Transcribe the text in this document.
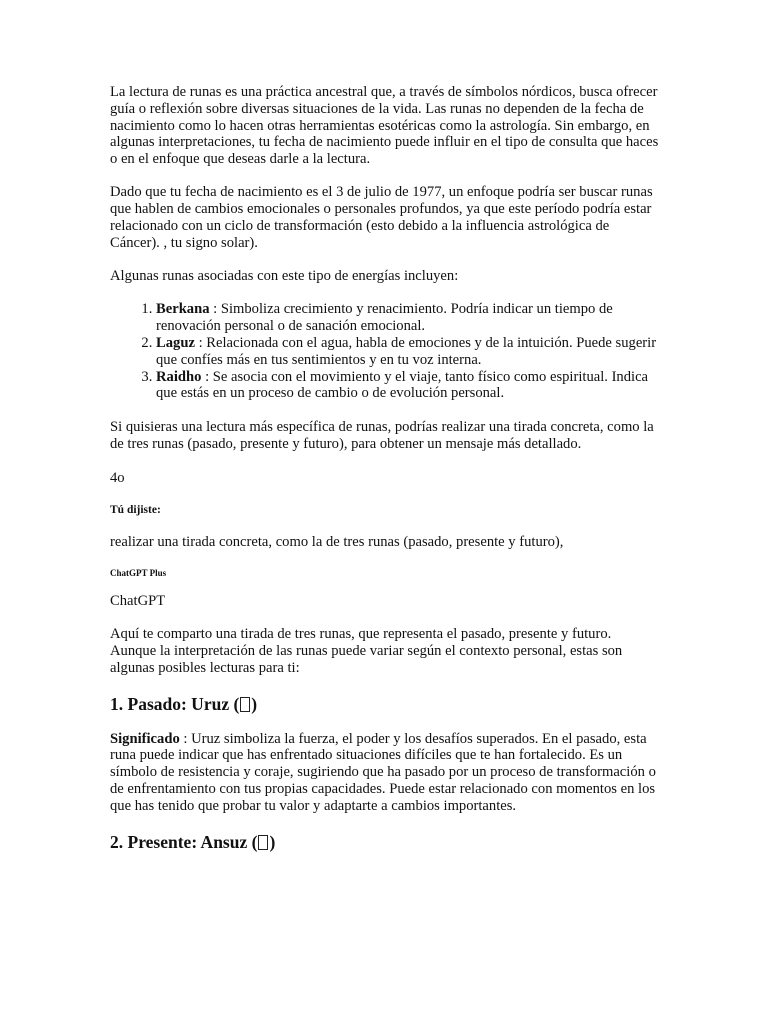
La lectura de runas es una práctica ancestral que, a través de símbolos nórdicos, busca ofrecer guía o reflexión sobre diversas situaciones de la vida. Las runas no dependen de la fecha de nacimiento como lo hacen otras herramientas esotéricas como la astrología. Sin embargo, en algunas interpretaciones, tu fecha de nacimiento puede influir en el tipo de consulta que haces o en el enfoque que deseas darle a la lectura.

Dado que tu fecha de nacimiento es el 3 de julio de 1977, un enfoque podría ser buscar runas que hablen de cambios emocionales o personales profundos, ya que este período podría estar relacionado con un ciclo de transformación (esto debido a la influencia astrológica de Cáncer). , tu signo solar).

Algunas runas asociadas con este tipo de energías incluyen:

1. Berkana : Simboliza crecimiento y renacimiento. Podría indicar un tiempo de renovación personal o de sanación emocional.
2. Laguz : Relacionada con el agua, habla de emociones y de la intuición. Puede sugerir que confíes más en tus sentimientos y en tu voz interna.
3. Raidho : Se asocia con el movimiento y el viaje, tanto físico como espiritual. Indica que estás en un proceso de cambio o de evolución personal.

Si quisieras una lectura más específica de runas, podrías realizar una tirada concreta, como la de tres runas (pasado, presente y futuro), para obtener un mensaje más detallado.

4o

Tú dijiste:

realizar una tirada concreta, como la de tres runas (pasado, presente y futuro),

ChatGPT Plus

ChatGPT

Aquí te comparto una tirada de tres runas, que representa el pasado, presente y futuro. Aunque la interpretación de las runas puede variar según el contexto personal, estas son algunas posibles lecturas para ti:

1. Pasado: Uruz ( )

Significado : Uruz simboliza la fuerza, el poder y los desafíos superados. En el pasado, esta runa puede indicar que has enfrentado situaciones difíciles que te han fortalecido. Es un símbolo de resistencia y coraje, sugiriendo que ha pasado por un proceso de transformación o de enfrentamiento con tus propias capacidades. Puede estar relacionado con momentos en los que has tenido que probar tu valor y adaptarte a cambios importantes.

2. Presente: Ansuz ( )
